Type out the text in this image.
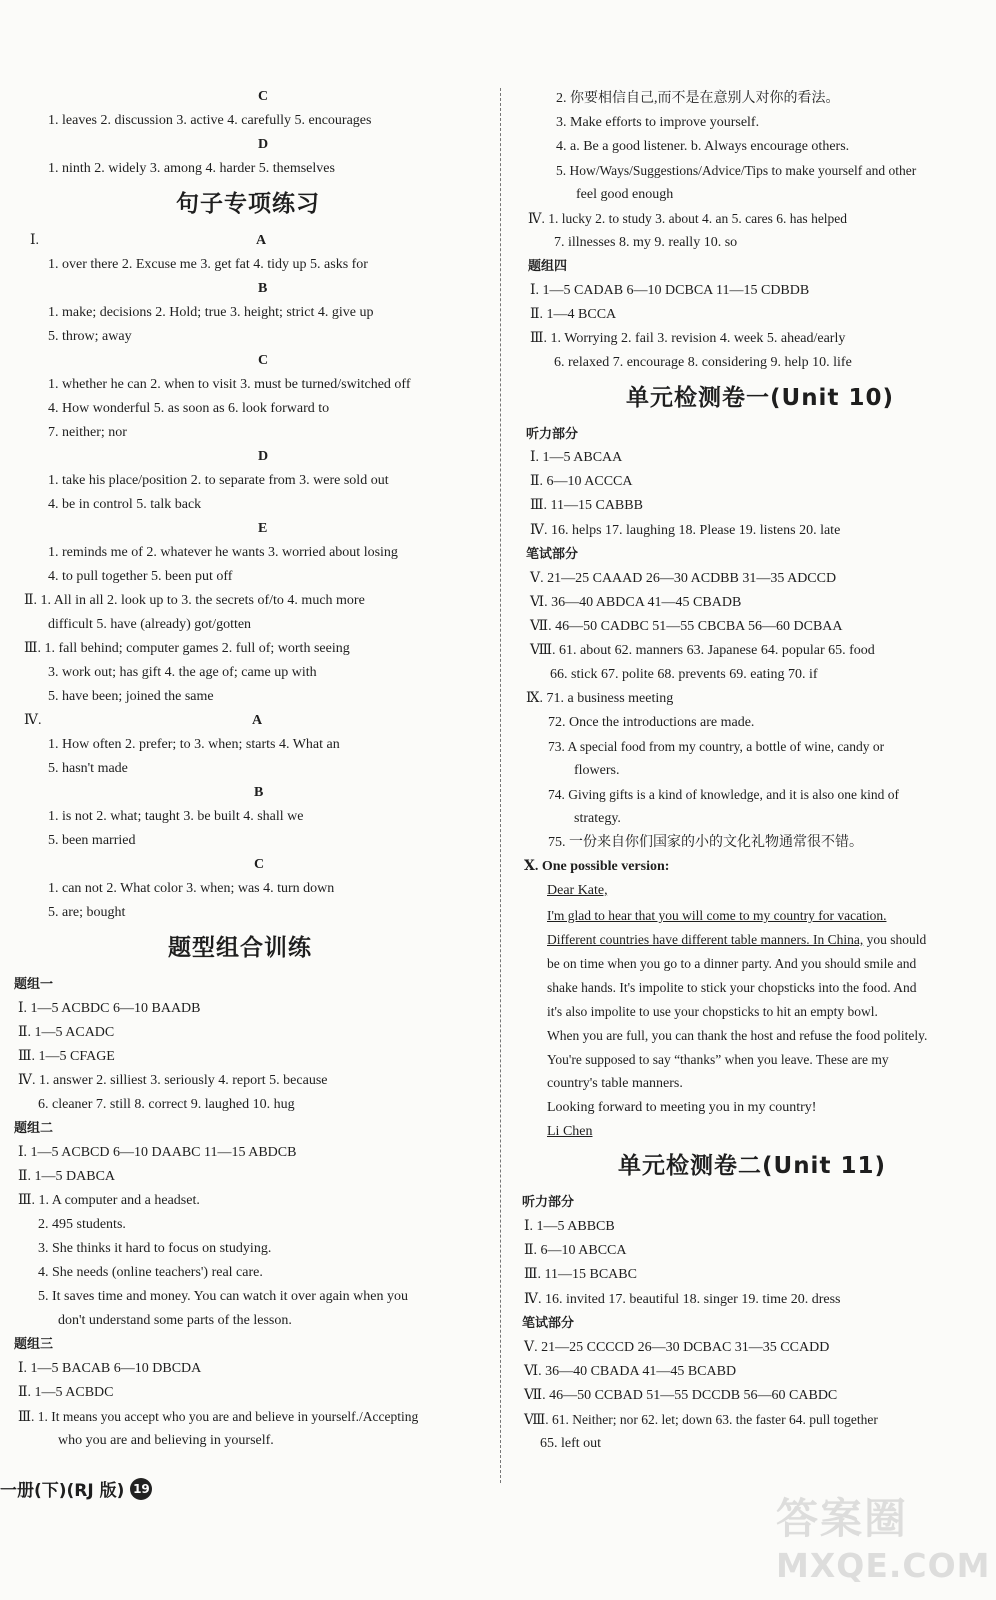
C
1. leaves 2. discussion 3. active 4. carefully 5. encourages
D
1. ninth 2. widely 3. among 4. harder 5. themselves
句子专项练习
Ⅰ.	A
1. over there 2. Excuse me 3. get fat 4. tidy up 5. asks for
B
1. make; decisions 2. Hold; true 3. height; strict 4. give up
5. throw; away
C
1. whether he can 2. when to visit 3. must be turned/switched off
4. How wonderful 5. as soon as 6. look forward to
7. neither; nor
D
1. take his place/position 2. to separate from 3. were sold out
4. be in control 5. talk back
E
1. reminds me of 2. whatever he wants 3. worried about losing
4. to pull together 5. been put off
Ⅱ. 1. All in all 2. look up to 3. the secrets of/to 4. much more
difficult 5. have (already) got/gotten
Ⅲ. 1. fall behind; computer games 2. full of; worth seeing
3. work out; has gift 4. the age of; came up with
5. have been; joined the same
Ⅳ.	A
1. How often 2. prefer; to 3. when; starts 4. What an
5. hasn't made
B
1. is not 2. what; taught 3. be built 4. shall we
5. been married
C
1. can not 2. What color 3. when; was 4. turn down
5. are; bought
题型组合训练
题组一
Ⅰ. 1—5 ACBDC 6—10 BAADB
Ⅱ. 1—5 ACADC
Ⅲ. 1—5 CFAGE
Ⅳ. 1. answer 2. silliest 3. seriously 4. report 5. because
6. cleaner 7. still 8. correct 9. laughed 10. hug
题组二
Ⅰ. 1—5 ACBCD 6—10 DAABC 11—15 ABDCB
Ⅱ. 1—5 DABCA
Ⅲ. 1. A computer and a headset.
2. 495 students.
3. She thinks it hard to focus on studying.
4. She needs (online teachers') real care.
5. It saves time and money. You can watch it over again when you
don't understand some parts of the lesson.
题组三
Ⅰ. 1—5 BACAB 6—10 DBCDA
Ⅱ. 1—5 ACBDC
Ⅲ. 1. It means you accept who you are and believe in yourself./Accepting
who you are and believing in yourself.
一册(下)(RJ 版) 19
2. 你要相信自己,而不是在意别人对你的看法。
3. Make efforts to improve yourself.
4. a. Be a good listener. b. Always encourage others.
5. How/Ways/Suggestions/Advice/Tips to make yourself and other
feel good enough
Ⅳ. 1. lucky 2. to study 3. about 4. an 5. cares 6. has helped
7. illnesses 8. my 9. really 10. so
题组四
Ⅰ. 1—5 CADAB 6—10 DCBCA 11—15 CDBDB
Ⅱ. 1—4 BCCA
Ⅲ. 1. Worrying 2. fail 3. revision 4. week 5. ahead/early
6. relaxed 7. encourage 8. considering 9. help 10. life
单元检测卷一(Unit 10)
听力部分
Ⅰ. 1—5 ABCAA
Ⅱ. 6—10 ACCCA
Ⅲ. 11—15 CABBB
Ⅳ. 16. helps 17. laughing 18. Please 19. listens 20. late
笔试部分
Ⅴ. 21—25 CAAAD 26—30 ACDBB 31—35 ADCCD
Ⅵ. 36—40 ABDCA 41—45 CBADB
Ⅶ. 46—50 CADBC 51—55 CBCBA 56—60 DCBAA
Ⅷ. 61. about 62. manners 63. Japanese 64. popular 65. food
66. stick 67. polite 68. prevents 69. eating 70. if
Ⅸ. 71. a business meeting
72. Once the introductions are made.
73. A special food from my country, a bottle of wine, candy or
flowers.
74. Giving gifts is a kind of knowledge, and it is also one kind of
strategy.
75. 一份来自你们国家的小的文化礼物通常很不错。
Ⅹ. One possible version:
Dear Kate,
I'm glad to hear that you will come to my country for vacation.
Different countries have different table manners. In China, you should
be on time when you go to a dinner party. And you should smile and
shake hands. It's impolite to stick your chopsticks into the food. And
it's also impolite to use your chopsticks to hit an empty bowl.
When you are full, you can thank the host and refuse the food politely.
You're supposed to say “thanks” when you leave. These are my
country's table manners.
Looking forward to meeting you in my country!
Li Chen
单元检测卷二(Unit 11)
听力部分
Ⅰ. 1—5 ABBCB
Ⅱ. 6—10 ABCCA
Ⅲ. 11—15 BCABC
Ⅳ. 16. invited 17. beautiful 18. singer 19. time 20. dress
笔试部分
Ⅴ. 21—25 CCCCD 26—30 DCBAC 31—35 CCADD
Ⅵ. 36—40 CBADA 41—45 BCABD
Ⅶ. 46—50 CCBAD 51—55 DCCDB 56—60 CABDC
Ⅷ. 61. Neither; nor 62. let; down 63. the faster 64. pull together
65. left out
答案圈
MXQE.COM
